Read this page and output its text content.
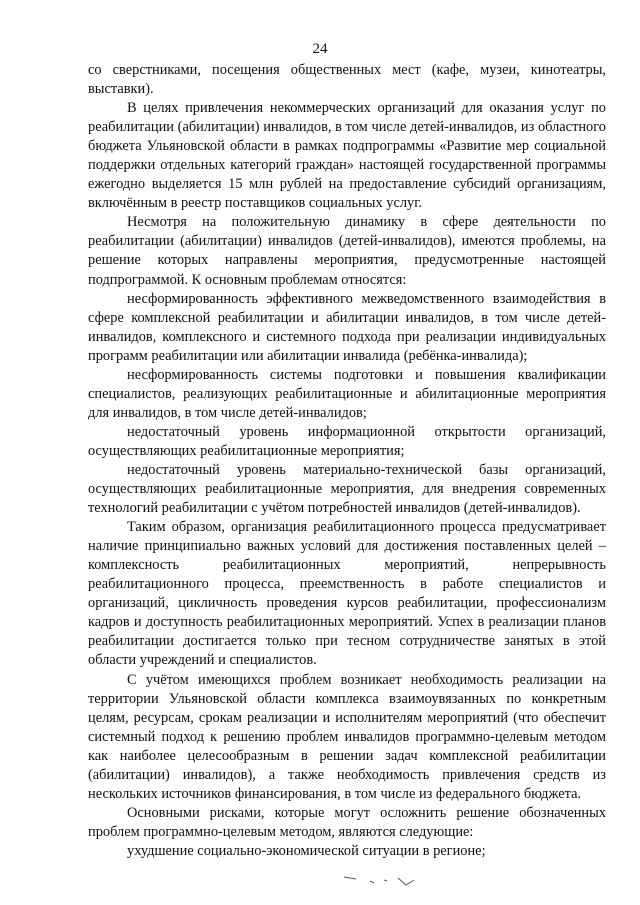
24

со сверстниками, посещения общественных мест (кафе, музеи, кинотеатры, выставки).

В целях привлечения некоммерческих организаций для оказания услуг по реабилитации (абилитации) инвалидов, в том числе детей-инвалидов, из областного бюджета Ульяновской области в рамках подпрограммы «Развитие мер социальной поддержки отдельных категорий граждан» настоящей государственной программы ежегодно выделяется 15 млн рублей на предоставление субсидий организациям, включённым в реестр поставщиков социальных услуг.

Несмотря на положительную динамику в сфере деятельности по реабилитации (абилитации) инвалидов (детей-инвалидов), имеются проблемы, на решение которых направлены мероприятия, предусмотренные настоящей подпрограммой. К основным проблемам относятся:

несформированность эффективного межведомственного взаимодействия в сфере комплексной реабилитации и абилитации инвалидов, в том числе детей-инвалидов, комплексного и системного подхода при реализации индивидуальных программ реабилитации или абилитации инвалида (ребёнка-инвалида);

несформированность системы подготовки и повышения квалификации специалистов, реализующих реабилитационные и абилитационные мероприятия для инвалидов, в том числе детей-инвалидов;

недостаточный уровень информационной открытости организаций, осуществляющих реабилитационные мероприятия;

недостаточный уровень материально-технической базы организаций, осуществляющих реабилитационные мероприятия, для внедрения современных технологий реабилитации с учётом потребностей инвалидов (детей-инвалидов).

Таким образом, организация реабилитационного процесса предусматривает наличие принципиально важных условий для достижения поставленных целей – комплексность реабилитационных мероприятий, непрерывность реабилитационного процесса, преемственность в работе специалистов и организаций, цикличность проведения курсов реабилитации, профессионализм кадров и доступность реабилитационных мероприятий. Успех в реализации планов реабилитации достигается только при тесном сотрудничестве занятых в этой области учреждений и специалистов.

С учётом имеющихся проблем возникает необходимость реализации на территории Ульяновской области комплекса взаимоувязанных по конкретным целям, ресурсам, срокам реализации и исполнителям мероприятий (что обеспечит системный подход к решению проблем инвалидов программно-целевым методом как наиболее целесообразным в решении задач комплексной реабилитации (абилитации) инвалидов), а также необходимость привлечения средств из нескольких источников финансирования, в том числе из федерального бюджета.

Основными рисками, которые могут осложнить решение обозначенных проблем программно-целевым методом, являются следующие:

ухудшение социально-экономической ситуации в регионе;
